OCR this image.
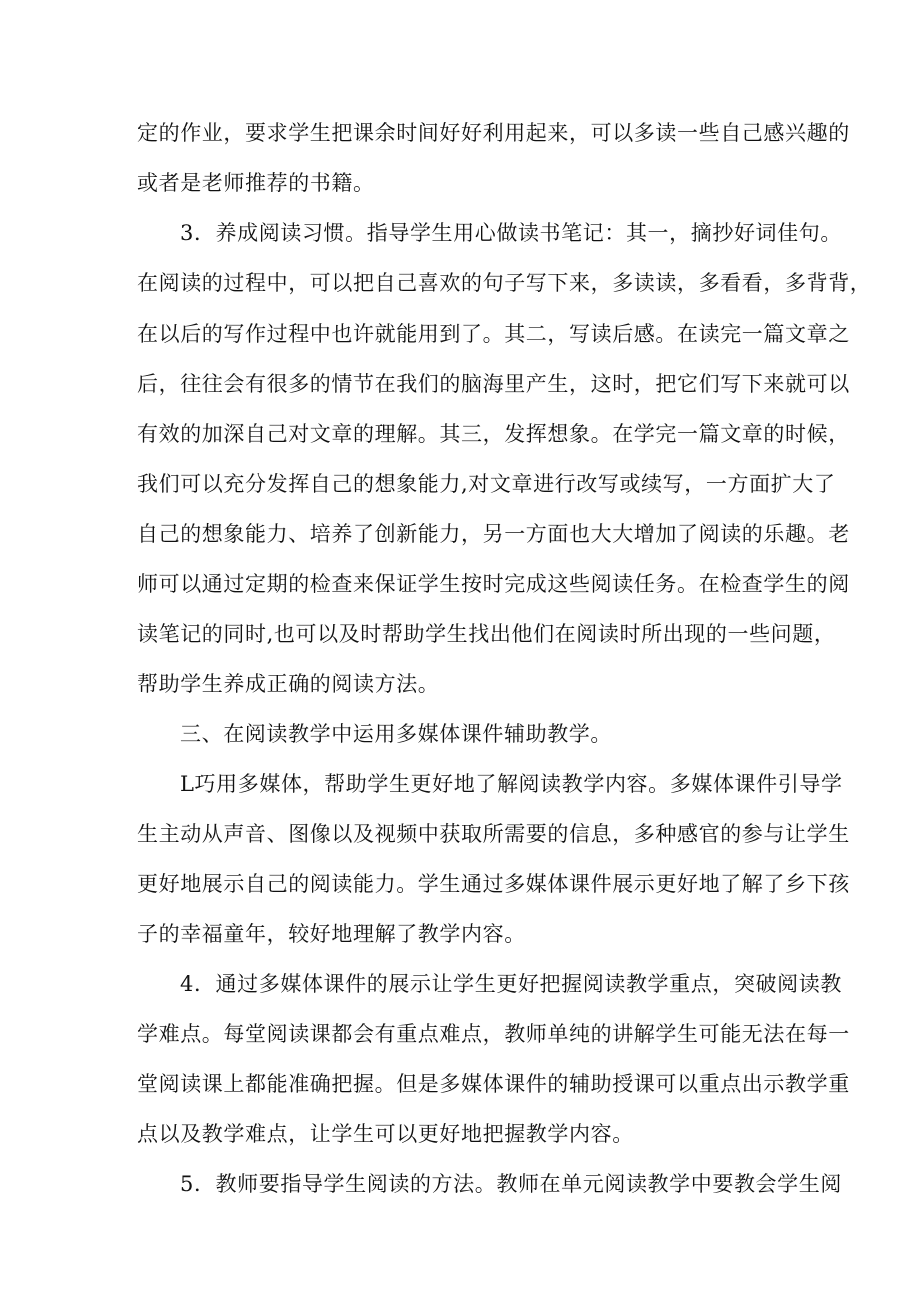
定的作业，要求学生把课余时间好好利用起来，可以多读一些自己感兴趣的
或者是老师推荐的书籍。
3．养成阅读习惯。指导学生用心做读书笔记：其一，摘抄好词佳句。
在阅读的过程中，可以把自己喜欢的句子写下来，多读读，多看看，多背背，
在以后的写作过程中也许就能用到了。其二，写读后感。在读完一篇文章之
后，往往会有很多的情节在我们的脑海里产生，这时，把它们写下来就可以
有效的加深自己对文章的理解。其三，发挥想象。在学完一篇文章的时候，
我们可以充分发挥自己的想象能力,对文章进行改写或续写，一方面扩大了
自己的想象能力、培养了创新能力，另一方面也大大增加了阅读的乐趣。老
师可以通过定期的检查来保证学生按时完成这些阅读任务。在检查学生的阅
读笔记的同时,也可以及时帮助学生找出他们在阅读时所出现的一些问题，
帮助学生养成正确的阅读方法。
三、在阅读教学中运用多媒体课件辅助教学。
L巧用多媒体，帮助学生更好地了解阅读教学内容。多媒体课件引导学
生主动从声音、图像以及视频中获取所需要的信息，多种感官的参与让学生
更好地展示自己的阅读能力。学生通过多媒体课件展示更好地了解了乡下孩
子的幸福童年，较好地理解了教学内容。
4．通过多媒体课件的展示让学生更好把握阅读教学重点，突破阅读教
学难点。每堂阅读课都会有重点难点，教师单纯的讲解学生可能无法在每一
堂阅读课上都能准确把握。但是多媒体课件的辅助授课可以重点出示教学重
点以及教学难点，让学生可以更好地把握教学内容。
5．教师要指导学生阅读的方法。教师在单元阅读教学中要教会学生阅
